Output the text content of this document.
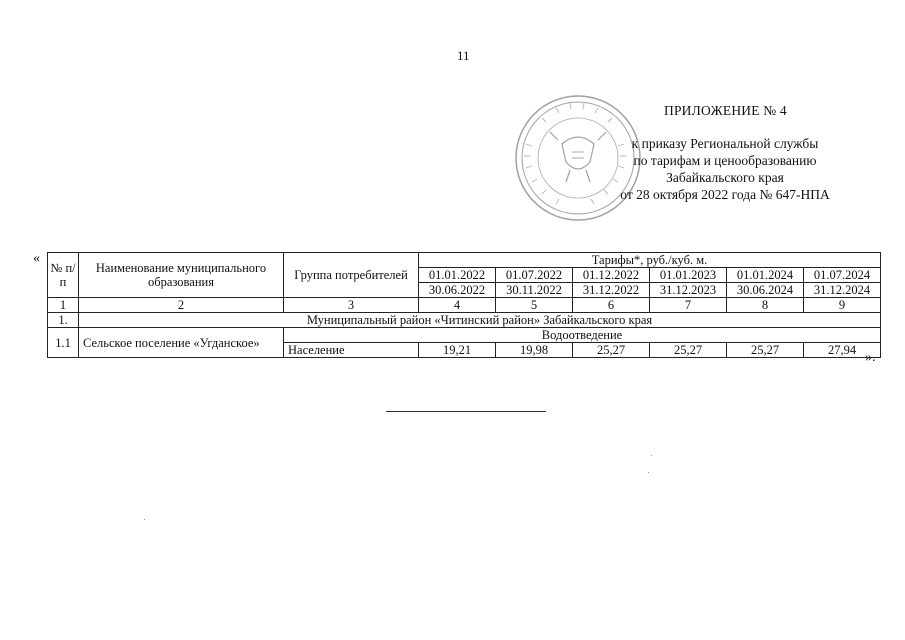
11
ПРИЛОЖЕНИЕ № 4
к приказу Региональной службы
по тарифам и ценообразованию
Забайкальского края
от 28 октября 2022 года № 647-НПА
«
№ п/п	Наименование муниципального образования	Группа потребителей	Тарифы*, руб./куб. м.					
			01.01.2022	01.07.2022	01.12.2022	01.01.2023	01.01.2024	01.07.2024
			30.06.2022	30.11.2022	31.12.2022	31.12.2023	30.06.2024	31.12.2024
1	2	3	4	5	6	7	8	9
1.	Муниципальный район «Читинский район» Забайкальского края							
1.1	Сельское поселение «Угданское»	Водоотведение						
		Население	19,21	19,98	25,27	25,27	25,27	27,94 ».
